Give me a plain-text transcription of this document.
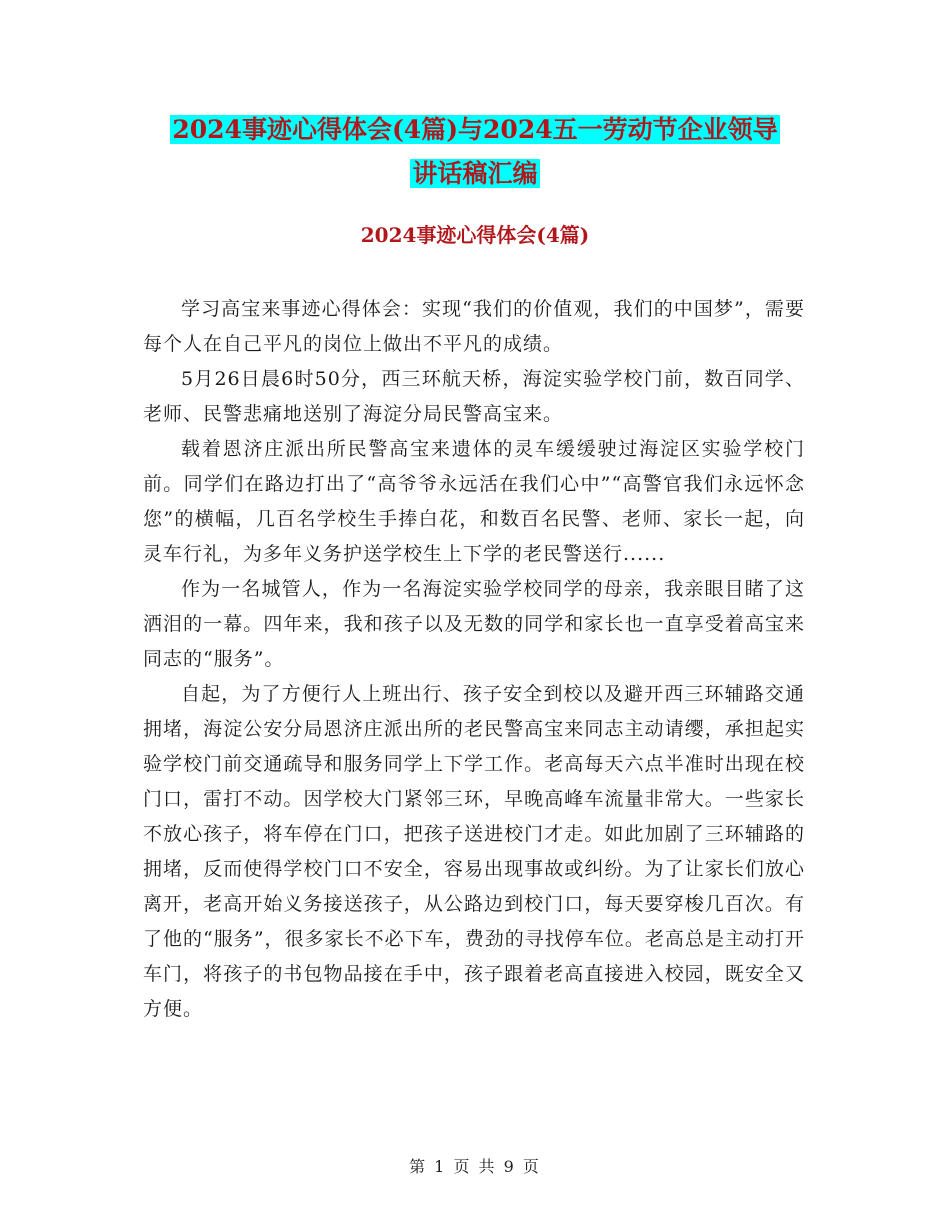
2024事迹心得体会(4篇)与2024五一劳动节企业领导
讲话稿汇编
2024事迹心得体会(4篇)

学习高宝来事迹心得体会：实现“我们的价值观，我们的中国梦”，需要每个人在自己平凡的岗位上做出不平凡的成绩。

5月26日晨6时50分，西三环航天桥，海淀实验学校门前，数百同学、老师、民警悲痛地送别了海淀分局民警高宝来。

载着恩济庄派出所民警高宝来遗体的灵车缓缓驶过海淀区实验学校门前。同学们在路边打出了“高爷爷永远活在我们心中”“高警官我们永远怀念您”的横幅，几百名学校生手捧白花，和数百名民警、老师、家长一起，向灵车行礼，为多年义务护送学校生上下学的老民警送行......

作为一名城管人，作为一名海淀实验学校同学的母亲，我亲眼目睹了这洒泪的一幕。四年来，我和孩子以及无数的同学和家长也一直享受着高宝来同志的“服务”。

自起，为了方便行人上班出行、孩子安全到校以及避开西三环辅路交通拥堵，海淀公安分局恩济庄派出所的老民警高宝来同志主动请缨，承担起实验学校门前交通疏导和服务同学上下学工作。老高每天六点半准时出现在校门口，雷打不动。因学校大门紧邻三环，早晚高峰车流量非常大。一些家长不放心孩子，将车停在门口，把孩子送进校门才走。如此加剧了三环辅路的拥堵，反而使得学校门口不安全，容易出现事故或纠纷。为了让家长们放心离开，老高开始义务接送孩子，从公路边到校门口，每天要穿梭几百次。有了他的“服务”，很多家长不必下车，费劲的寻找停车位。老高总是主动打开车门，将孩子的书包物品接在手中，孩子跟着老高直接进入校园，既安全又方便。

第 1 页 共 9 页
